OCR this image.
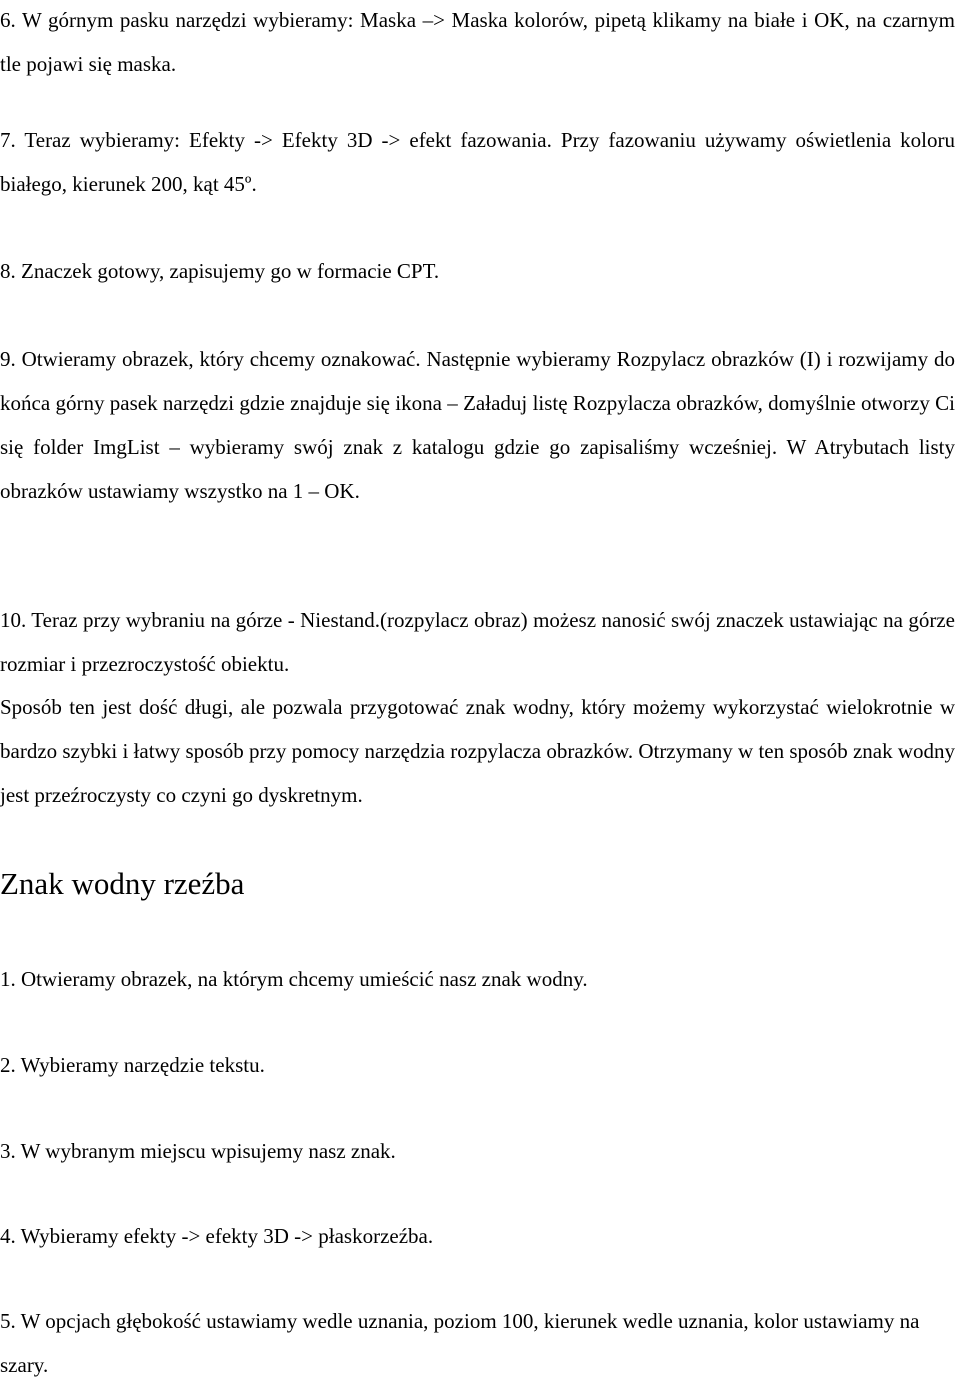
6. W górnym pasku narzędzi wybieramy: Maska –> Maska kolorów, pipetą klikamy na białe i OK, na czarnym tle pojawi się maska.

7. Teraz wybieramy: Efekty -> Efekty 3D -> efekt fazowania. Przy fazowaniu używamy oświetlenia koloru białego, kierunek 200, kąt 45º.

8. Znaczek gotowy, zapisujemy go w formacie CPT.

9. Otwieramy obrazek, który chcemy oznakować. Następnie wybieramy Rozpylacz obrazków (I) i rozwijamy do końca górny pasek narzędzi gdzie znajduje się ikona – Załaduj listę Rozpylacza obrazków, domyślnie otworzy Ci się folder ImgList – wybieramy swój znak z katalogu gdzie go zapisaliśmy wcześniej. W Atrybutach listy obrazków ustawiamy wszystko na 1 – OK.

10. Teraz przy wybraniu na górze - Niestand.(rozpylacz obraz) możesz nanosić swój znaczek ustawiając na górze rozmiar i przezroczystość obiektu.

Sposób ten jest dość długi, ale pozwala przygotować znak wodny, który możemy wykorzystać wielokrotnie w bardzo szybki i łatwy sposób przy pomocy narzędzia rozpylacza obrazków. Otrzymany w ten sposób znak wodny jest przeźroczysty co czyni go dyskretnym.

Znak wodny rzeźba

1. Otwieramy obrazek, na którym chcemy umieścić nasz znak wodny.

2. Wybieramy narzędzie tekstu.

3. W wybranym miejscu wpisujemy nasz znak.

4. Wybieramy efekty -> efekty 3D -> płaskorzeźba.

5. W opcjach głębokość ustawiamy wedle uznania, poziom 100, kierunek wedle uznania, kolor ustawiamy na szary.
